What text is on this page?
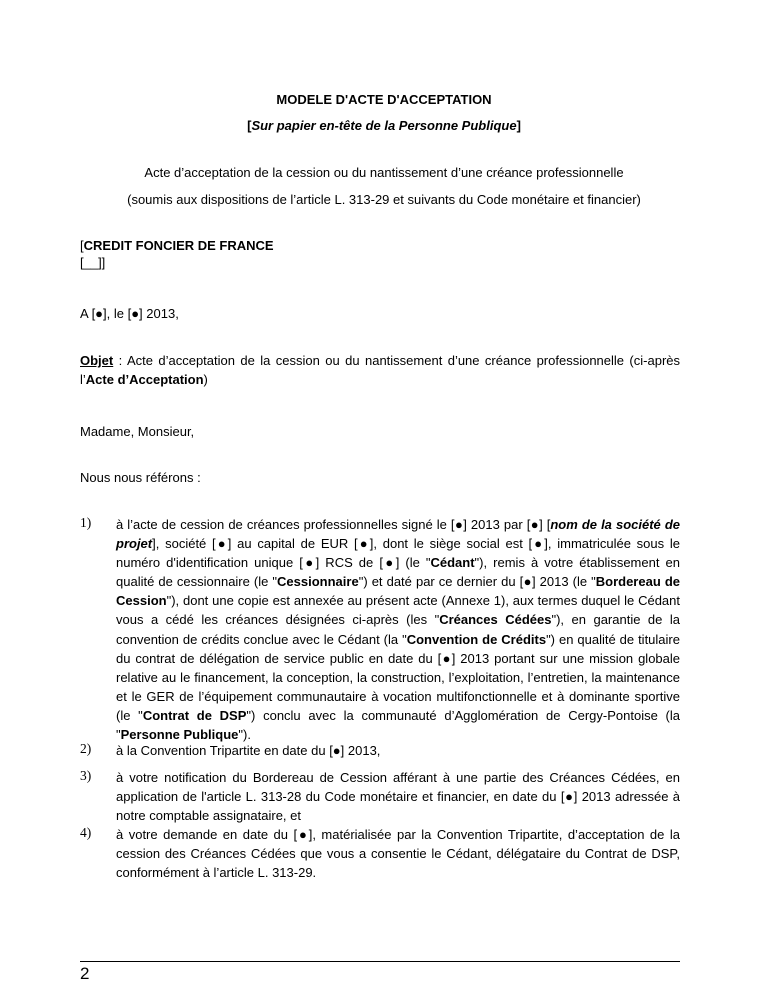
MODELE D'ACTE D'ACCEPTATION
[Sur papier en-tête de la Personne Publique]
Acte d’acceptation de la cession ou du nantissement d’une créance professionnelle
(soumis aux dispositions de l’article L. 313-29 et suivants du Code monétaire et financier)
[CREDIT FONCIER DE FRANCE
[__]]
A [●], le [●] 2013,
Objet : Acte d’acceptation de la cession ou du nantissement d’une créance professionnelle (ci-après l’Acte d’Acceptation)
Madame, Monsieur,
Nous nous référons :
1)	à l’acte de cession de créances professionnelles signé le [●] 2013 par [●] [nom de la société de projet], société [●] au capital de EUR [●], dont le siège social est [●], immatriculée sous le numéro d'identification unique [●] RCS de [●] (le "Cédant"), remis à votre établissement en qualité de cessionnaire (le "Cessionnaire") et daté par ce dernier du [●] 2013 (le "Bordereau de Cession"), dont une copie est annexée au présent acte (Annexe 1), aux termes duquel le Cédant vous a cédé les créances désignées ci-après (les "Créances Cédées"), en garantie de la convention de crédits conclue avec le Cédant (la "Convention de Crédits") en qualité de titulaire du contrat de délégation de service public en date du [●] 2013 portant sur une mission globale relative au le financement, la conception, la construction, l’exploitation, l’entretien, la maintenance et le GER de l’équipement communautaire à vocation multifonctionnelle et à dominante sportive (le "Contrat de DSP") conclu avec la communauté d’Agglomération de Cergy-Pontoise (la "Personne Publique").
2)	à la Convention Tripartite en date du [●] 2013,
3)	à votre notification du Bordereau de Cession afférant à une partie des Créances Cédées, en application de l'article L. 313-28 du Code monétaire et financier, en date du [●] 2013 adressée à notre comptable assignataire, et
4)	à votre demande en date du [●], matérialisée par la Convention Tripartite, d’acceptation de la cession des Créances Cédées que vous a consentie le Cédant, délégataire du Contrat de DSP, conformément à l’article L. 313-29.
2
